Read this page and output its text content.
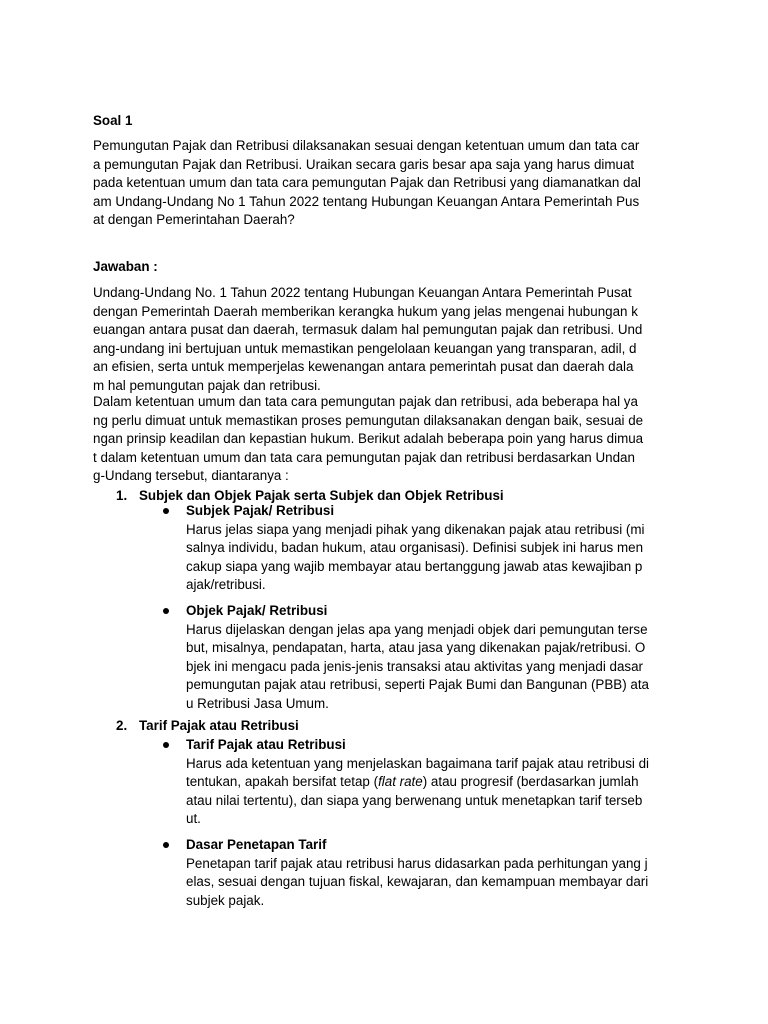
Soal 1
Pemungutan Pajak dan Retribusi dilaksanakan sesuai dengan ketentuan umum dan tata car
a pemungutan Pajak dan Retribusi. Uraikan secara garis besar apa saja yang harus dimuat
pada ketentuan umum dan tata cara pemungutan Pajak dan Retribusi yang diamanatkan dal
am Undang-Undang No 1 Tahun 2022 tentang Hubungan Keuangan Antara Pemerintah Pus
at dengan Pemerintahan Daerah?
Jawaban :
Undang-Undang No. 1 Tahun 2022 tentang Hubungan Keuangan Antara Pemerintah Pusat
dengan Pemerintah Daerah memberikan kerangka hukum yang jelas mengenai hubungan k
euangan antara pusat dan daerah, termasuk dalam hal pemungutan pajak dan retribusi. Und
ang-undang ini bertujuan untuk memastikan pengelolaan keuangan yang transparan, adil, d
an efisien, serta untuk memperjelas kewenangan antara pemerintah pusat dan daerah dala
m hal pemungutan pajak dan retribusi.
Dalam ketentuan umum dan tata cara pemungutan pajak dan retribusi, ada beberapa hal ya
ng perlu dimuat untuk memastikan proses pemungutan dilaksanakan dengan baik, sesuai de
ngan prinsip keadilan dan kepastian hukum. Berikut adalah beberapa poin yang harus dimua
t dalam ketentuan umum dan tata cara pemungutan pajak dan retribusi berdasarkan Undan
g-Undang tersebut, diantaranya :

1.

Subjek dan Objek Pajak serta Subjek dan Objek Retribusi

Subjek Pajak/ Retribusi
Harus jelas siapa yang menjadi pihak yang dikenakan pajak atau retribusi (mi
salnya individu, badan hukum, atau organisasi). Definisi subjek ini harus men
cakup siapa yang wajib membayar atau bertanggung jawab atas kewajiban p
ajak/retribusi.
Objek Pajak/ Retribusi
Harus dijelaskan dengan jelas apa yang menjadi objek dari pemungutan terse
but, misalnya, pendapatan, harta, atau jasa yang dikenakan pajak/retribusi. O
bjek ini mengacu pada jenis-jenis transaksi atau aktivitas yang menjadi dasar
pemungutan pajak atau retribusi, seperti Pajak Bumi dan Bangunan (PBB) ata
u Retribusi Jasa Umum.

2.

Tarif Pajak atau Retribusi

Tarif Pajak atau Retribusi
Harus ada ketentuan yang menjelaskan bagaimana tarif pajak atau retribusi di
tentukan, apakah bersifat tetap (flat rate) atau progresif (berdasarkan jumlah
atau nilai tertentu), dan siapa yang berwenang untuk menetapkan tarif terseb
ut.
Dasar Penetapan Tarif
Penetapan tarif pajak atau retribusi harus didasarkan pada perhitungan yang j
elas, sesuai dengan tujuan fiskal, kewajaran, dan kemampuan membayar dari
subjek pajak.
